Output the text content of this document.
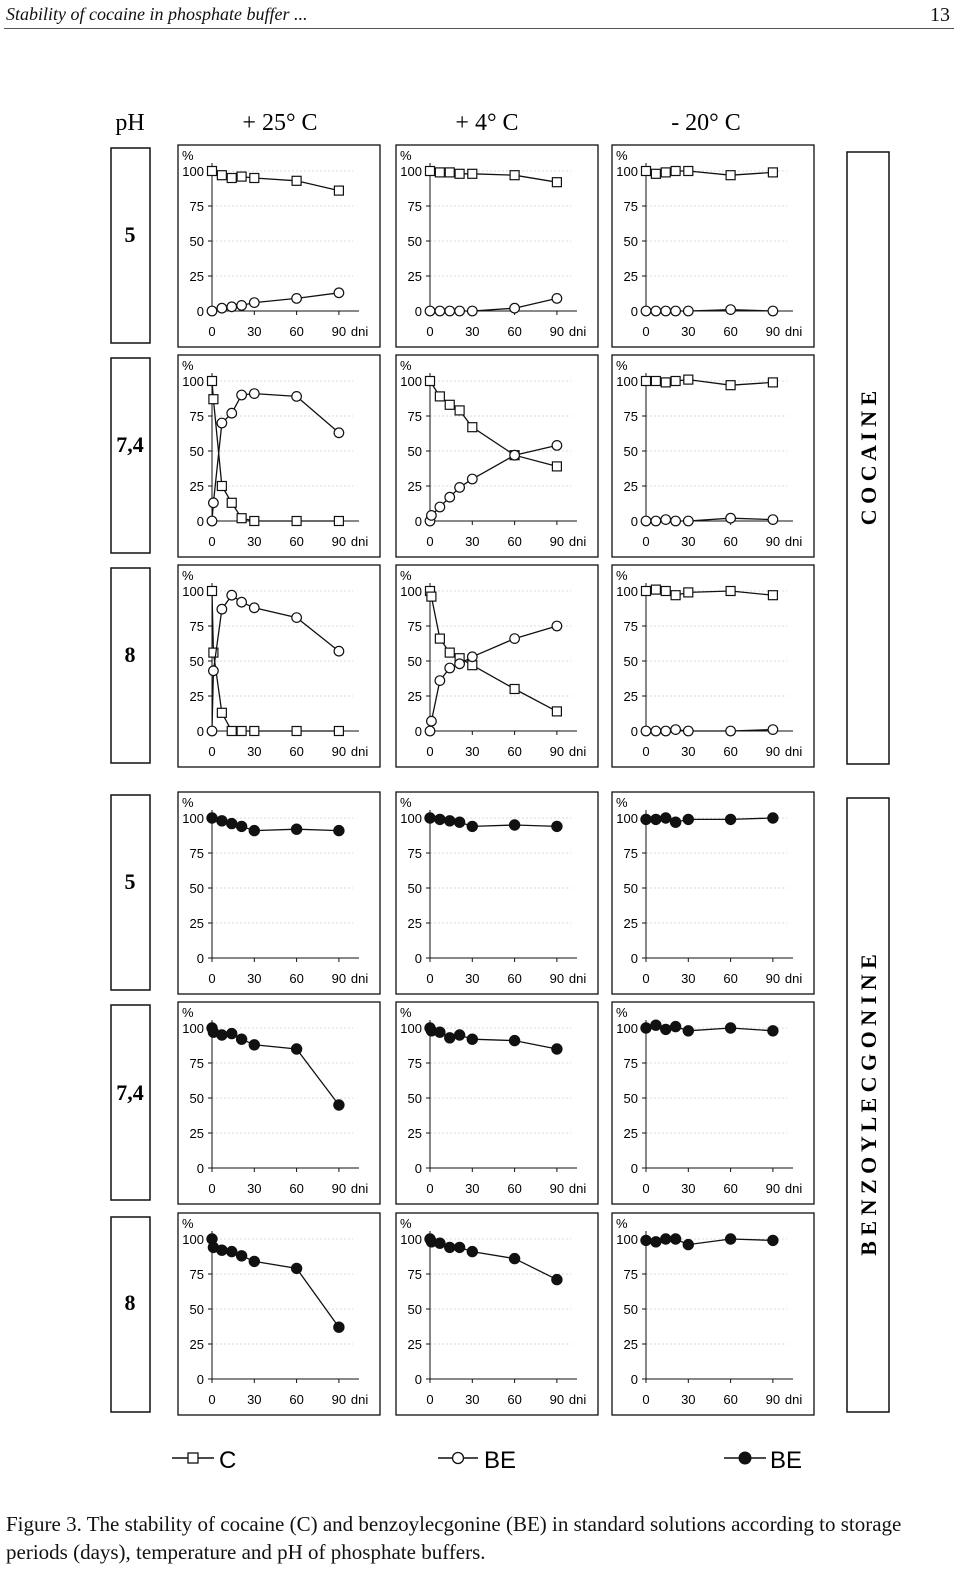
Stability of cocaine in phosphate buffer ...	13
pH	+ 25° C	+ 4° C	- 20° C
5
7,4
8
5
7,4
8
C O C A I N E
B E N Z O Y L E C G O N I N E
%
0
25
50
75
100
0 30 60 90 dni
%
0
25
50
75
100
0 30 60 90 dni
%
0
25
50
75
100
0 30 60 90 dni
%
0
25
50
75
100
0 30 60 90 dni
%
0
25
50
75
100
0 30 60 90 dni
%
0
25
50
75
100
0 30 60 90 dni
%
0
25
50
75
100
0 30 60 90 dni
%
0
25
50
75
100
0 30 60 90 dni
%
0
25
50
75
100
0 30 60 90 dni
%
0
25
50
75
100
0 30 60 90 dni
%
0
25
50
75
100
0 30 60 90 dni
%
0
25
50
75
100
0 30 60 90 dni
%
0
25
50
75
100
0 30 60 90 dni
%
0
25
50
75
100
0 30 60 90 dni
%
0
25
50
75
100
0 30 60 90 dni
%
0
25
50
75
100
0 30 60 90 dni
%
0
25
50
75
100
0 30 60 90 dni
%
0
25
50
75
100
0 30 60 90 dni
C	BE	BE
Figure 3. The stability of cocaine (C) and benzoylecgonine (BE) in standard solutions according to storage periods (days), temperature and pH of phosphate buffers.
